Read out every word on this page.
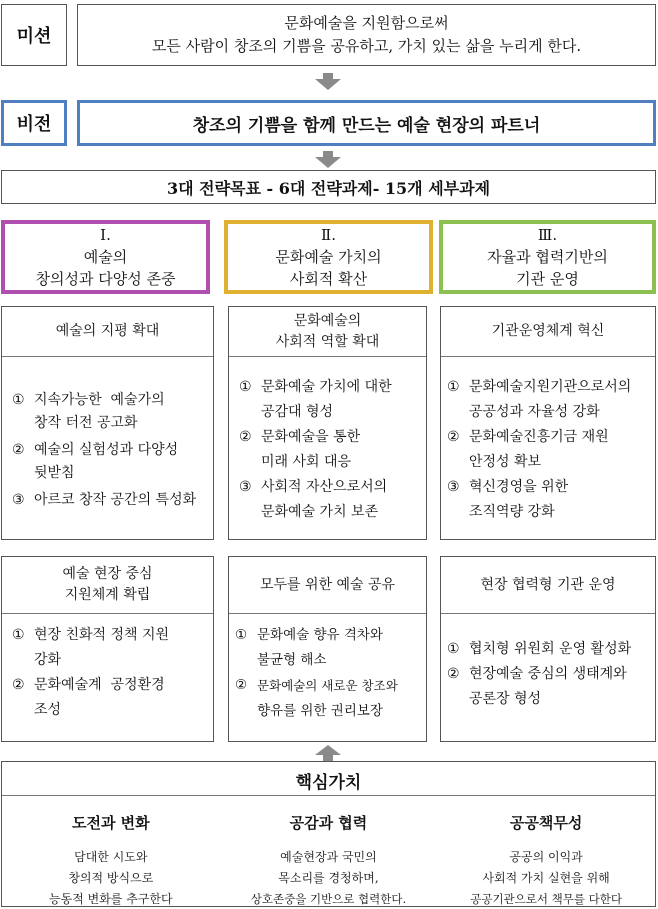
미션
문화예술을 지원함으로써
모든 사람이 창조의 기쁨을 공유하고, 가치 있는 삶을 누리게 한다.
비전	창조의 기쁨을 함께 만드는 예술 현장의 파트너
3대 전략목표 - 6대 전략과제- 15개 세부과제
Ⅰ.
예술의
창의성과 다양성 존중
Ⅱ.
문화예술 가치의
사회적 확산
Ⅲ.
자율과 협력기반의
기관 운영
예술의 지평 확대
① 지속가능한  예술가의
창작 터전 공고화
② 예술의 실험성과 다양성
뒷받침
③ 아르코 창작 공간의 특성화
문화예술의
사회적 역할 확대
① 문화예술 가치에 대한
공감대 형성
② 문화예술을 통한
미래 사회 대응
③ 사회적 자산으로서의
문화예술 가치 보존
기관운영체계 혁신
① 문화예술지원기관으로서의
공공성과 자율성 강화
② 문화예술진흥기금 재원
안정성 확보
③ 혁신경영을 위한
조직역량 강화
예술 현장 중심
지원체계 확립
① 현장 친화적 정책 지원
강화
② 문화예술계  공정환경
조성
모두를 위한 예술 공유
① 문화예술 향유 격차와
불균형 해소
② 문화예술의 새로운 창조와
향유를 위한 권리보장
현장 협력형 기관 운영
① 협치형 위원회 운영 활성화
② 현장예술 중심의 생태계와
공론장 형성
핵심가치
도전과 변화
담대한 시도와
창의적 방식으로
능동적 변화를 추구한다
공감과 협력
예술현장과 국민의
목소리를 경청하며,
상호존중을 기반으로 협력한다.
공공책무성
공공의 이익과
사회적 가치 실현을 위해
공공기관으로서 책무를 다한다
